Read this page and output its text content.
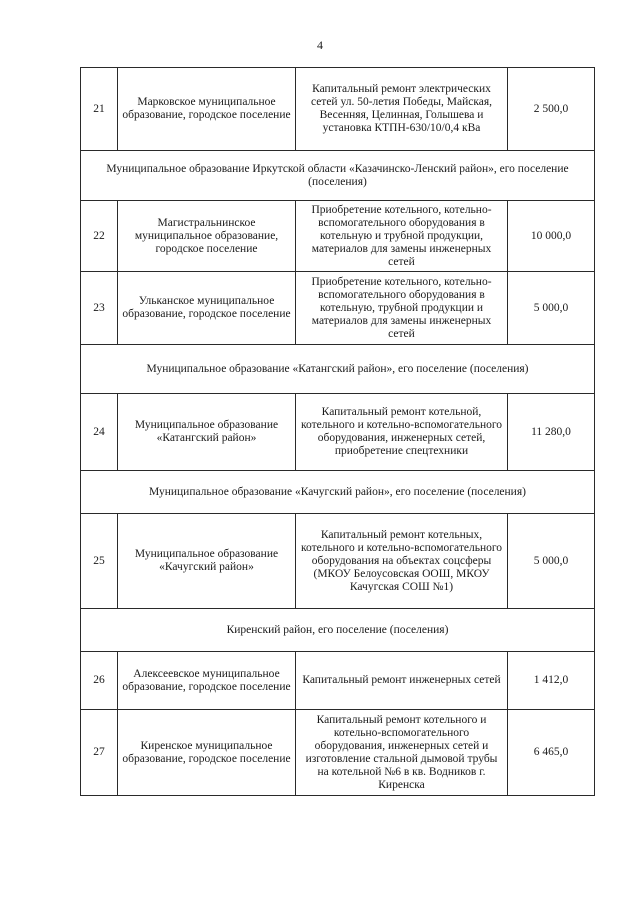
4
21	Марковское муниципальное образование, городское поселение	Капитальный ремонт электрических сетей ул. 50-летия Победы, Майская, Весенняя, Целинная, Голышева и установка КТПН-630/10/0,4 кВа	2 500,0
Муниципальное образование Иркутской области «Казачинско-Ленский район», его поселение (поселения)			
22	Магистральнинское муниципальное образование, городское поселение	Приобретение котельного, котельно-вспомогательного оборудования в котельную и трубной продукции, материалов для замены инженерных сетей	10 000,0
23	Ульканское муниципальное образование, городское поселение	Приобретение котельного, котельно-вспомогательного оборудования в котельную, трубной продукции и материалов для замены инженерных сетей	5 000,0
Муниципальное образование «Катангский район», его поселение (поселения)			
24	Муниципальное образование «Катангский район»	Капитальный ремонт котельной, котельного и котельно-вспомогательного оборудования, инженерных сетей, приобретение спецтехники	11 280,0
Муниципальное образование «Качугский район», его поселение (поселения)			
25	Муниципальное образование «Качугский район»	Капитальный ремонт котельных, котельного и котельно-вспомогательного оборудования на объектах соцсферы (МКОУ Белоусовская ООШ, МКОУ Качугская СОШ №1)	5 000,0
Киренский район, его поселение (поселения)			
26	Алексеевское муниципальное образование, городское поселение	Капитальный ремонт инженерных сетей	1 412,0
27	Киренское муниципальное образование, городское поселение	Капитальный ремонт котельного и котельно-вспомогательного оборудования, инженерных сетей и изготовление стальной дымовой трубы на котельной №6 в кв. Водников г. Киренска	6 465,0
